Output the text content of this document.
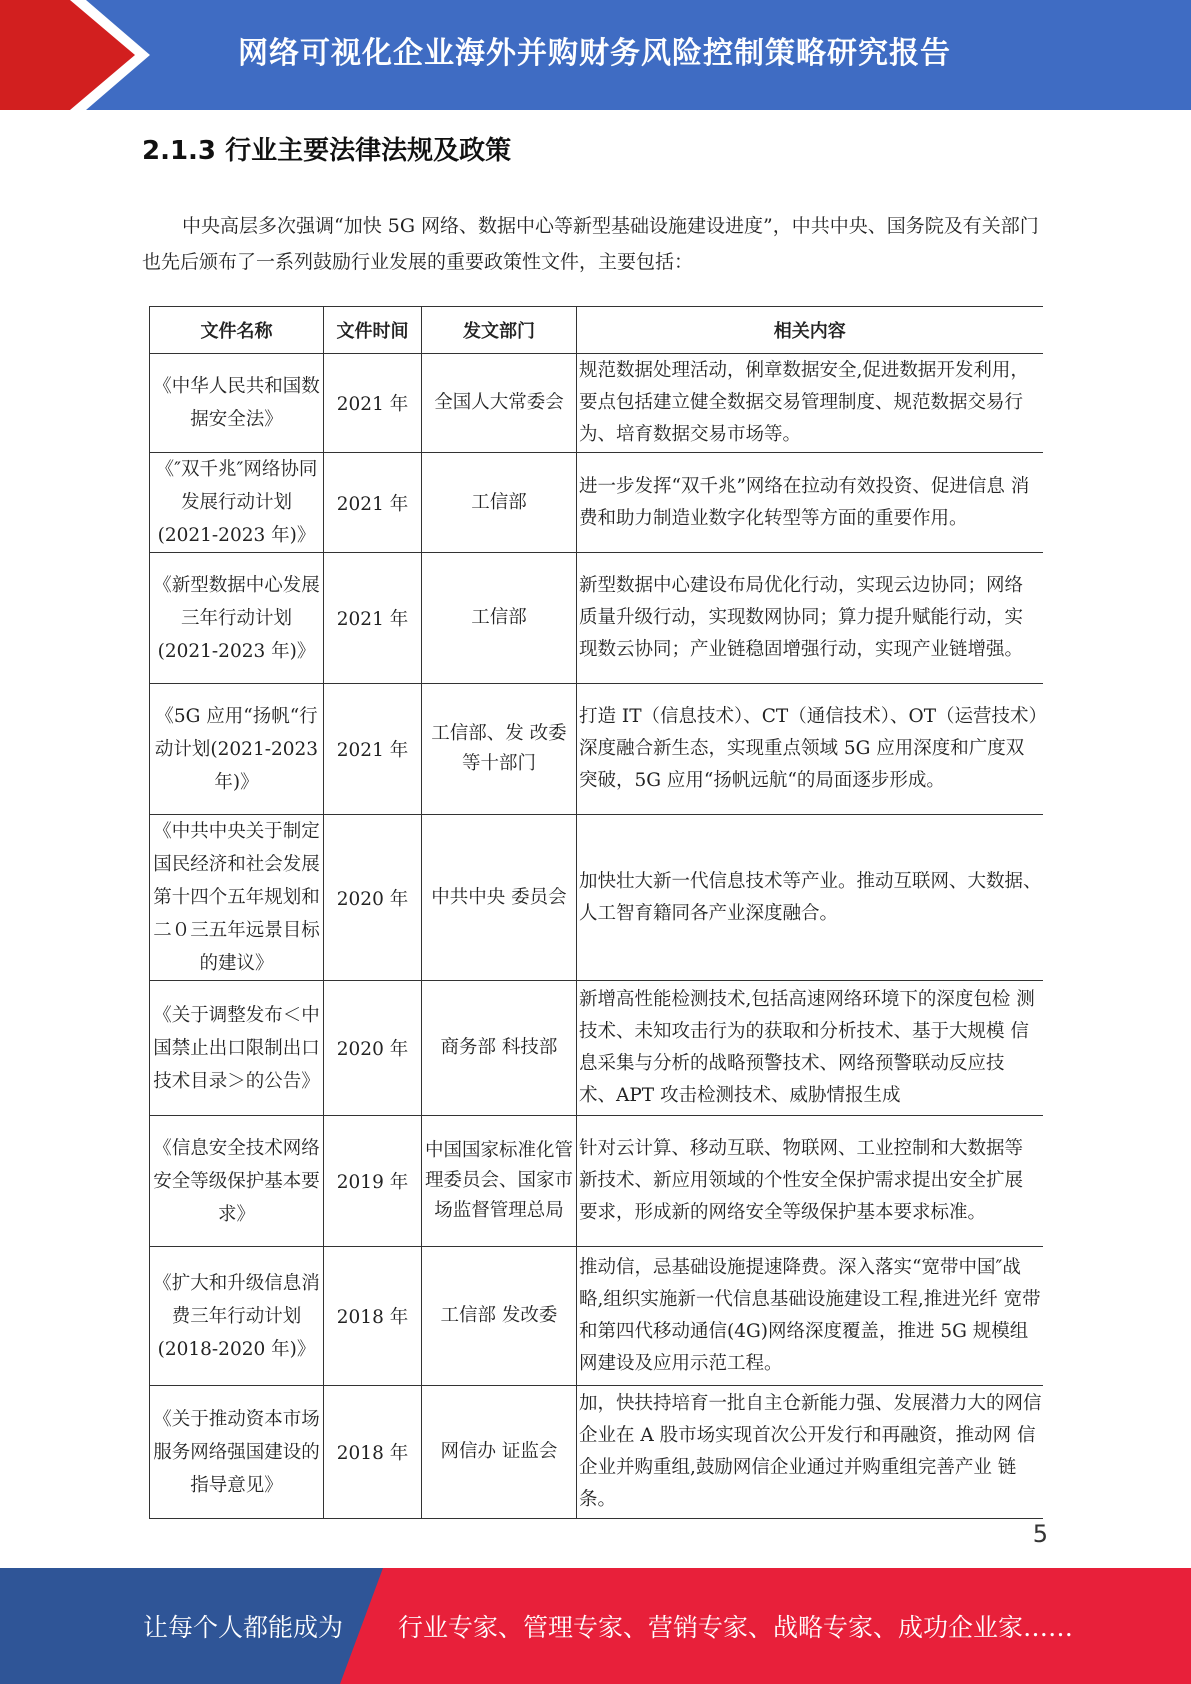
网络可视化企业海外并购财务风险控制策略研究报告
2.1.3 行业主要法律法规及政策
中央高层多次强调“加快 5G 网络、数据中心等新型基础设施建设进度”，中共中央、国务院及有关部门也先后颁布了一系列鼓励行业发展的重要政策性文件，主要包括：
文件名称	文件时间	发文部门	相关内容
《中华人民共和国数 据安全法》	2021 年	全国人大常委会	规范数据处理活动，俐章数据安全,促进数据开发利用， 要点包括建立健全数据交易管理制度、规范数据交易行 为、培育数据交易市场等。
《″双千兆″网络协同发展行动计划(2021-2023 年)》	2021 年	工信部	进一步发挥“双千兆”网络在拉动有效投资、促进信息 消费和助力制造业数字化转型等方面的重要作用。
《新型数据中心发展三年行动计划(2021-2023 年)》	2021 年	工信部	新型数据中心建设布局优化行动，实现云边协同；网络 质量升级行动，实现数网协同；算力提升赋能行动，实 现数云协同；产业链稳固增强行动，实现产业链增强。
《5G 应用“扬帆“行动计划(2021-2023 年)》	2021 年	工信部、发 改委等十部门	打造 IT（信息技术）、CT（通信技术）、OT（运营技术）深度融合新生态，实现重点领域 5G 应用深度和广度双突破，5G 应用“扬帆远航“的局面逐步形成。
《中共中央关于制定国民经济和社会发展第十四个五年规划和二０三五年远景目标的建议》	2020 年	中共中央 委员会	加快壮大新一代信息技术等产业。推动互联网、大数据、 人工智育籍同各产业深度融合。
《关于调整发布＜中国禁止出口限制出口技术目录＞的公告》	2020 年	商务部 科技部	新增高性能检测技术,包括高速网络环境下的深度包检 测技术、未知攻击行为的获取和分析技术、基于大规模 信息采集与分析的战略预警技术、网络预警联动反应技 术、APT 攻击检测技术、威胁情报生成
《信息安全技术网络安全等级保护基本要求》	2019 年	中国国家标准化管理委员会、国家市场监督管理总局	针对云计算、移动互联、物联网、工业控制和大数据等 新技术、新应用领域的个性安全保护需求提出安全扩展 要求，形成新的网络安全等级保护基本要求标准。
《扩大和升级信息消费三年行动计划(2018-2020 年)》	2018 年	工信部 发改委	推动信，忌基础设施提速降费。深入落实“宽带中国″战 略,组织实施新一代信息基础设施建设工程,推进光纤 宽带和第四代移动通信(4G)网络深度覆盖，推进 5G 规模组网建设及应用示范工程。
《关于推动资本市场服务网络强国建设的指导意见》	2018 年	网信办 证监会	加，快扶持培育一批自主仓新能力强、发展潜力大的网信 企业在 A 股市场实现首次公开发行和再融资，推动网 信企业并购重组,鼓励网信企业通过并购重组完善产业 链条。
5
让每个人都能成为 行业专家、管理专家、营销专家、战略专家、成功企业家……
